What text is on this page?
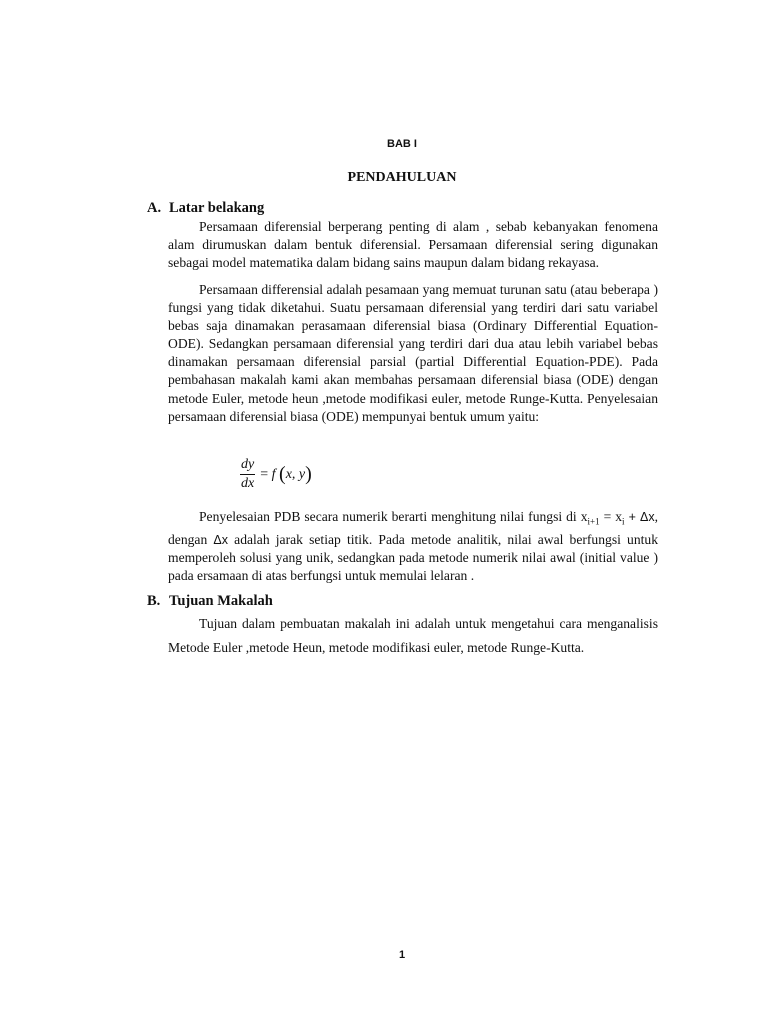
BAB I
PENDAHULUAN
A. Latar belakang

Persamaan diferensial berperang penting di alam , sebab kebanyakan fenomena alam dirumuskan dalam bentuk diferensial. Persamaan diferensial sering digunakan sebagai model matematika dalam bidang sains maupun dalam bidang rekayasa.

Persamaan differensial adalah pesamaan yang memuat turunan satu (atau beberapa ) fungsi yang tidak diketahui. Suatu persamaan diferensial yang terdiri dari satu variabel bebas saja dinamakan perasamaan diferensial biasa (Ordinary Differential Equation-ODE). Sedangkan persamaan diferensial yang terdiri dari dua atau lebih variabel bebas dinamakan persamaan diferensial parsial (partial Differential Equation-PDE). Pada pembahasan makalah kami akan membahas persamaan diferensial biasa (ODE) dengan metode Euler, metode heun ,metode modifikasi euler, metode Runge-Kutta. Penyelesaian persamaan diferensial biasa (ODE) mempunyai bentuk umum yaitu:

$\frac{dy}{dx} = f$ (x, y)

Penyelesaian PDB secara numerik berarti menghitung nilai fungsi di $x_{i+1} = x_i + \Delta x$, dengan Δx adalah jarak setiap titik. Pada metode analitik, nilai awal berfungsi untuk memperoleh solusi yang unik, sedangkan pada metode numerik nilai awal (initial value ) pada ersamaan di atas berfungsi untuk memulai lelaran .

B. Tujuan Makalah

Tujuan dalam pembuatan makalah ini adalah untuk mengetahui cara menganalisis Metode Euler ,metode Heun, metode modifikasi euler, metode Runge-Kutta.

1
